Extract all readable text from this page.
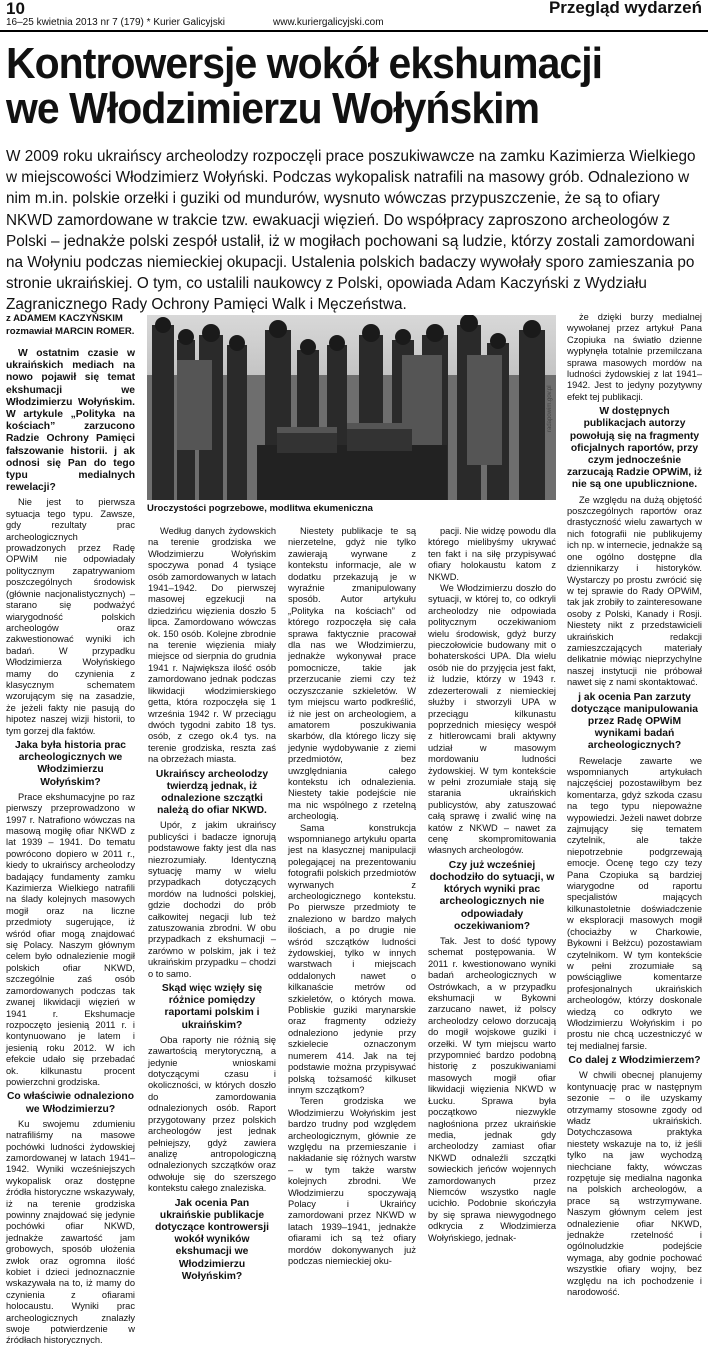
10
16–25 kwietnia 2013 nr 7 (179) * Kurier Galicyjski	www.kuriergalicyjski.com
Przegląd wydarzeń
Kontrowersje wokół ekshumacji
we Włodzimierzu Wołyńskim

W 2009 roku ukraińscy archeolodzy rozpoczęli prace poszukiwawcze na zamku Kazimierza Wielkiego w miejscowości Włodzimierz Wołyński. Podczas wykopalisk natrafili na masowy grób. Odnaleziono w nim m.in. polskie orzełki i guziki od mundurów, wysnuto wówczas przypuszczenie, że są to ofiary NKWD zamordowane w trakcie tzw. ewakuacji więzień. Do współpracy zaproszono archeologów z Polski – jednakże polski zespół ustalił, iż w mogiłach pochowani są ludzie, którzy zostali zamordowani na Wołyniu podczas niemieckiej okupacji. Ustalenia polskich badaczy wywołały sporo zamieszania po stronie ukraińskiej. O tym, co ustalili naukowcy z Polski, opowiada Adam Kaczyński z Wydziału Zagranicznego Rady Ochrony Pamięci Walk i Męczeństwa.

z ADAMEM KACZYŃSKIM
rozmawiał MARCIN ROMER.
radapowim.gov.pl
Uroczystości pogrzebowe, modlitwa ekumeniczna

W ostatnim czasie w ukraińskich mediach na nowo pojawił się temat ekshumacji we Włodzimierzu Wołyńskim. W artykule „Polityka na kościach” zarzucono Radzie Ochrony Pamięci fałszowanie historii. j ak odnosi się Pan do tego typu medialnych rewelacji?

Nie jest to pierwsza sytuacja tego typu. Zawsze, gdy rezultaty prac archeologicznych prowadzonych przez Radę OPWiM nie odpowiadały politycznym zapatrywaniom poszczególnych środowisk (głównie nacjonalistycznych) – starano się podważyć wiarygodność polskich archeologów oraz zakwestionować wyniki ich badań. W przypadku Włodzimierza Wołyńskiego mamy do czynienia z klasycznym schematem wzorującym się na zasadzie, że jeżeli fakty nie pasują do hipotez naszej wizji historii, to tym gorzej dla faktów.

Jaka była historia prac archeologicznych we Włodzimierzu Wołyńskim?

Prace ekshumacyjne po raz pierwszy przeprowadzono w 1997 r. Natrafiono wówczas na masową mogiłę ofiar NKWD z lat 1939 – 1941. Do tematu powrócono dopiero w 2011 r., kiedy to ukraińscy archeolodzy badający fundamenty zamku Kazimierza Wielkiego natrafili na ślady kolejnych masowych mogił oraz na liczne przedmioty sugerujące, iż wśród ofiar mogą znajdować się Polacy. Naszym głównym celem było odnalezienie mogił polskich ofiar NKWD, szczególnie zaś osób zamordowanych podczas tak zwanej likwidacji więzień w 1941 r. Ekshumacje rozpoczęto jesienią 2011 r. i kontynuowano je latem i jesienią roku 2012. W ich efekcie udało się przebadać ok. kilkunastu procent powierzchni grodziska.

Co właściwie odnaleziono we Włodzimierzu?

Ku swojemu zdumieniu natrafiliśmy na masowe pochówki ludności żydowskiej zamordowanej w latach 1941–1942. Wyniki wcześniejszych wykopalisk oraz dostępne źródła historyczne wskazywały, iż na terenie grodziska powinny znajdować się jedynie pochówki ofiar NKWD, jednakże zawartość jam grobowych, sposób ułożenia zwłok oraz ogromna ilość kobiet i dzieci jednoznacznie wskazywała na to, iż mamy do czynienia z ofiarami holocaustu. Wyniki prac archeologicznych znalazły swoje potwierdzenie w źródłach historycznych.

Według danych żydowskich na terenie grodziska we Włodzimierzu Wołyńskim spoczywa ponad 4 tysiące osób zamordowanych w latach 1941–1942. Do pierwszej masowej egzekucji na dziedzińcu więzienia doszło 5 lipca. Zamordowano wówczas ok. 150 osób. Kolejne zbrodnie na terenie więzienia miały miejsce od sierpnia do grudnia 1941 r. Największa ilość osób zamordowano jednak podczas likwidacji włodzimierskiego getta, która rozpoczęła się 1 września 1942 r. W przeciągu dwóch tygodni zabito 18 tys. osób, z czego ok.4 tys. na terenie grodziska, reszta zaś na obrzeżach miasta.

Ukraińscy archeolodzy twierdzą jednak, iż odnalezione szczątki należą do ofiar NKWD.

Upór, z jakim ukraińscy publicyści i badacze ignorują podstawowe fakty jest dla nas niezrozumiały. Identyczną sytuację mamy w wielu przypadkach dotyczących mordów na ludności polskiej, gdzie dochodzi do prób całkowitej negacji lub też zatuszowania zbrodni. W obu przypadkach z ekshumacji – zarówno w polskim, jak i też ukraińskim przypadku – chodzi o to samo.

Skąd więc wzięły się różnice pomiędzy raportami polskim i ukraińskim?

Oba raporty nie różnią się zawartością merytoryczną, a jedynie wnioskami dotyczącymi czasu i okoliczności, w których doszło do zamordowania odnalezionych osób. Raport przygotowany przez polskich archeologów jest jednak pełniejszy, gdyż zawiera analizę antropologiczną odnalezionych szczątków oraz odwołuje się do szerszego kontekstu całego znaleziska.

Jak ocenia Pan ukraińskie publikacje dotyczące kontrowersji wokół wyników ekshumacji we Włodzimierzu Wołyńskim?

Niestety publikacje te są nierzetelne, gdyż nie tylko zawierają wyrwane z kontekstu informacje, ale w dodatku przekazują je w wyraźnie zmanipulowany sposób. Autor artykułu „Polityka na kościach” od którego rozpoczęła się cała sprawa faktycznie pracował dla nas we Włodzimierzu, jednakże wykonywał prace pomocnicze, takie jak przerzucanie ziemi czy też oczyszczanie szkieletów. W tym miejscu warto podkreślić, iż nie jest on archeologiem, a amatorem poszukiwania skarbów, dla którego liczy się jedynie wydobywanie z ziemi przedmiotów, bez uwzględniania całego kontekstu ich odnalezienia. Niestety takie podejście nie ma nic wspólnego z rzetelną archeologią.

Sama konstrukcja wspomnianego artykułu oparta jest na klasycznej manipulacji polegającej na prezentowaniu fotografii polskich przedmiotów wyrwanych z archeologicznego kontekstu. Po pierwsze przedmioty te znaleziono w bardzo małych ilościach, a po drugie nie wśród szczątków ludności żydowskiej, tylko w innych warstwach i miejscach oddalonych nawet o kilkanaście metrów od szkieletów, o których mowa. Pobliskie guziki marynarskie oraz fragmenty odzieży odnaleziono jedynie przy szkielecie oznaczonym numerem 414. Jak na tej podstawie można przypisywać polską tożsamość kilkuset innym szczątkom?

Teren grodziska we Włodzimierzu Wołyńskim jest bardzo trudny pod względem archeologicznym, głównie ze względu na przemieszanie i nakładanie się różnych warstw – w tym także warstw kolejnych zbrodni. We Włodzimierzu spoczywają Polacy i Ukraińcy zamordowani przez NKWD w latach 1939–1941, jednakże ofiarami ich są też ofiary mordów dokonywanych już podczas niemieckiej oku-

pacji. Nie widzę powodu dla którego mielibyśmy ukrywać ten fakt i na siłę przypisywać ofiary holokaustu katom z NKWD.

We Włodzimierzu doszło do sytuacji, w której to, co odkryli archeolodzy nie odpowiada politycznym oczekiwaniom wielu środowisk, gdyż burzy pieczołowicie budowany mit o bohaterskości UPA. Dla wielu osób nie do przyjęcia jest fakt, iż ludzie, którzy w 1943 r. zdezerterowali z niemieckiej służby i stworzyli UPA w przeciągu kilkunastu poprzednich miesięcy wespół z hitlerowcami brali aktywny udział w masowym mordowaniu ludności żydowskiej. W tym kontekście w pełni zrozumiałe stają się starania ukraińskich publicystów, aby zatuszować całą sprawę i zwalić winę na katów z NKWD – nawet za cenę skompromitowania własnych archeologów.

Czy już wcześniej dochodziło do sytuacji, w których wyniki prac archeologicznych nie odpowiadały oczekiwaniom?

Tak. Jest to dość typowy schemat postępowania. W 2011 r. kwestionowano wyniki badań archeologicznych w Ostrówkach, a w przypadku ekshumacji w Bykowni zarzucano nawet, iż polscy archeolodzy celowo dorzucają do mogił wojskowe guziki i orzełki. W tym miejscu warto przypomnieć bardzo podobną historię z poszukiwaniami masowych mogił ofiar likwidacji więzienia NKWD w Łucku. Sprawa była początkowo niezwykle nagłośniona przez ukraińskie media, jednak gdy archeolodzy zamiast ofiar NKWD odnaleźli szczątki sowieckich jeńców wojennych zamordowanych przez Niemców wszystko nagle ucichło. Podobnie skończyła by się sprawa niewygodnego odkrycia z Włodzimierza Wołyńskiego, jednak-

że dzięki burzy medialnej wywołanej przez artykuł Pana Czopiuka na światło dzienne wypłynęła totalnie przemilczana sprawa masowych mordów na ludności żydowskiej z lat 1941–1942. Jest to jedyny pozytywny efekt tej publikacji.

W dostępnych publikacjach autorzy powołują się na fragmenty oficjalnych raportów, przy czym jednocześnie zarzucają Radzie OPWiM, iż nie są one upublicznione.

Ze względu na dużą objętość poszczególnych raportów oraz drastyczność wielu zawartych w nich fotografii nie publikujemy ich np. w internecie, jednakże są one ogólno dostępne dla dziennikarzy i historyków. Wystarczy po prostu zwrócić się w tej sprawie do Rady OPWiM, tak jak zrobiły to zainteresowane osoby z Polski, Kanady i Rosji. Niestety nikt z przedstawicieli ukraińskich redakcji zamieszczających materiały delikatnie mówiąc nieprzychylne naszej instytucji nie próbował nawet się z nami skontaktować.

j ak ocenia Pan zarzuty dotyczące manipulowania przez Radę OPWiM wynikami badań archeologicznych?

Rewelacje zawarte we wspomnianych artykułach najczęściej pozostawiłbym bez komentarza, gdyż szkoda czasu na tego typu niepoważne wypowiedzi. Jeżeli nawet dobrze zajmujący się tematem czytelnik, ale także niepotrzebnie podgrzewają emocje. Ocenę tego czy tezy Pana Czopiuka są bardziej wiarygodne od raportu specjalistów mających kilkunastoletnie doświadczenie w eksploracji masowych mogił (chociażby w Charkowie, Bykowni i Bełżcu) pozostawiam czytelnikom. W tym kontekście w pełni zrozumiałe są powściągliwe komentarze profesjonalnych ukraińskich archeologów, którzy doskonale wiedzą co odkryto we Włodzimierzu Wołyńskim i po prostu nie chcą uczestniczyć w tej medialnej farsie.

Co dalej z Włodzimierzem?

W chwili obecnej planujemy kontynuację prac w następnym sezonie – o ile uzyskamy otrzymamy stosowne zgody od władz ukraińskich. Dotychczasowa praktyka niestety wskazuje na to, iż jeśli tylko na jaw wychodzą niechciane fakty, wówczas rozpętuje się medialna nagonka na polskich archeologów, a prace są wstrzymywane. Naszym głównym celem jest odnalezienie ofiar NKWD, jednakże rzetelność i ogólnoludzkie podejście wymaga, aby godnie pochować wszystkie ofiary wojny, bez względu na ich pochodzenie i narodowość.
